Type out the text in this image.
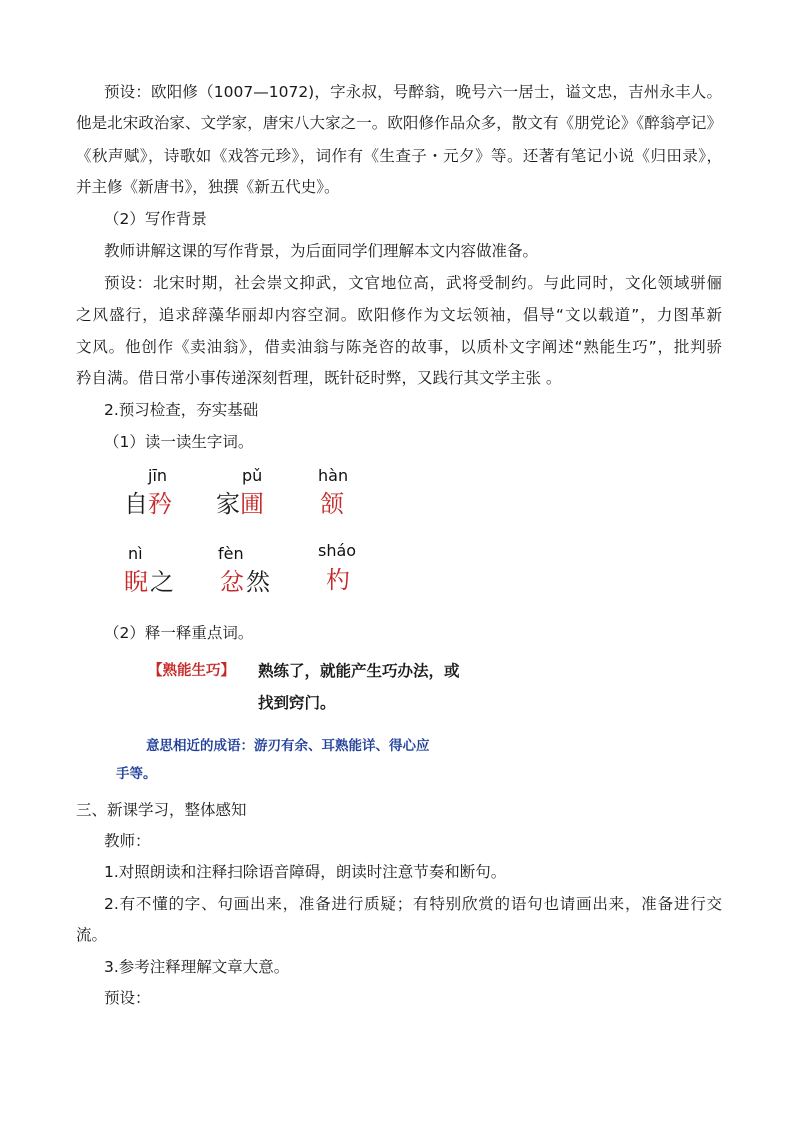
预设：欧阳修（1007—1072)，字永叔，号醉翁，晚号六一居士，谥文忠，吉州永丰人。
他是北宋政治家、文学家，唐宋八大家之一。欧阳修作品众多，散文有《朋党论》《醉翁亭记》
《秋声赋》，诗歌如《戏答元珍》，词作有《生查子・元夕》等。还著有笔记小说《归田录》，
并主修《新唐书》，独撰《新五代史》。
（2）写作背景
教师讲解这课的写作背景，为后面同学们理解本文内容做准备。
预设：北宋时期，社会崇文抑武，文官地位高，武将受制约。与此同时，文化领域骈俪
之风盛行，追求辞藻华丽却内容空洞。欧阳修作为文坛领袖，倡导“文以载道”，力图革新
文风。他创作《卖油翁》，借卖油翁与陈尧咨的故事，以质朴文字阐述“熟能生巧”，批判骄
矜自满。借日常小事传递深刻哲理，既针砭时弊，又践行其文学主张 。
2.预习检查，夯实基础
（1）读一读生字词。
jīn
自 矜
pǔ
家 圃
hàn
颔
nì
睨 之
fèn
忿 然
sháo
杓
（2）释一释重点词。
【熟能生巧】 熟练了，就能产生巧办法，或
找到窍门。
意思相近的成语：游刃有余、耳熟能详、得心应
手等。
三、新课学习，整体感知
教师：
1.对照朗读和注释扫除语音障碍，朗读时注意节奏和断句。
2.有不懂的字、句画出来，准备进行质疑；有特别欣赏的语句也请画出来，准备进行交
流。
3.参考注释理解文章大意。
预设：
